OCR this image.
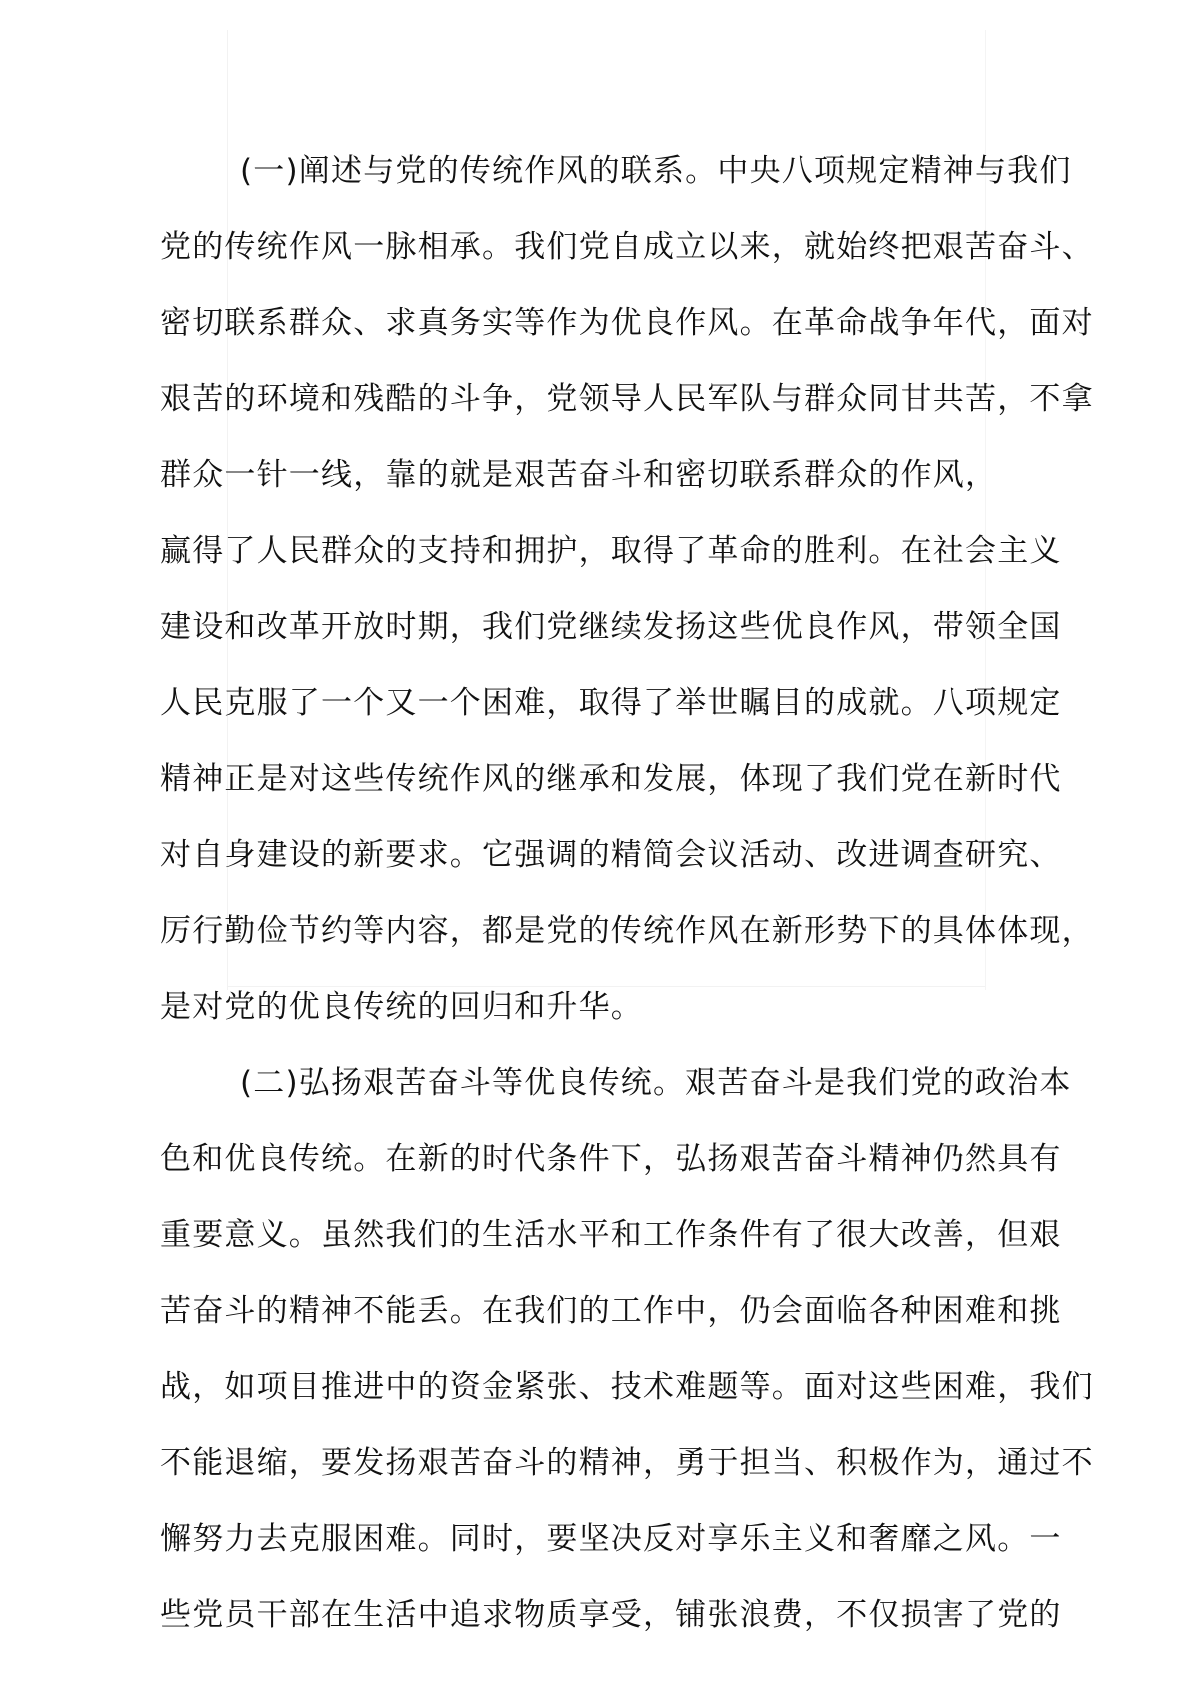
(一)阐述与党的传统作风的联系。中央八项规定精神与我们
党的传统作风一脉相承。我们党自成立以来，就始终把艰苦奋斗、
密切联系群众、求真务实等作为优良作风。在革命战争年代，面对
艰苦的环境和残酷的斗争，党领导人民军队与群众同甘共苦，不拿
群众一针一线，靠的就是艰苦奋斗和密切联系群众的作风，
赢得了人民群众的支持和拥护，取得了革命的胜利。在社会主义
建设和改革开放时期，我们党继续发扬这些优良作风，带领全国
人民克服了一个又一个困难，取得了举世瞩目的成就。八项规定
精神正是对这些传统作风的继承和发展，体现了我们党在新时代
对自身建设的新要求。它强调的精简会议活动、改进调查研究、
厉行勤俭节约等内容，都是党的传统作风在新形势下的具体体现，
是对党的优良传统的回归和升华。
(二)弘扬艰苦奋斗等优良传统。艰苦奋斗是我们党的政治本
色和优良传统。在新的时代条件下，弘扬艰苦奋斗精神仍然具有
重要意义。虽然我们的生活水平和工作条件有了很大改善，但艰
苦奋斗的精神不能丢。在我们的工作中，仍会面临各种困难和挑
战，如项目推进中的资金紧张、技术难题等。面对这些困难，我们
不能退缩，要发扬艰苦奋斗的精神，勇于担当、积极作为，通过不
懈努力去克服困难。同时，要坚决反对享乐主义和奢靡之风。一
些党员干部在生活中追求物质享受，铺张浪费，不仅损害了党的
